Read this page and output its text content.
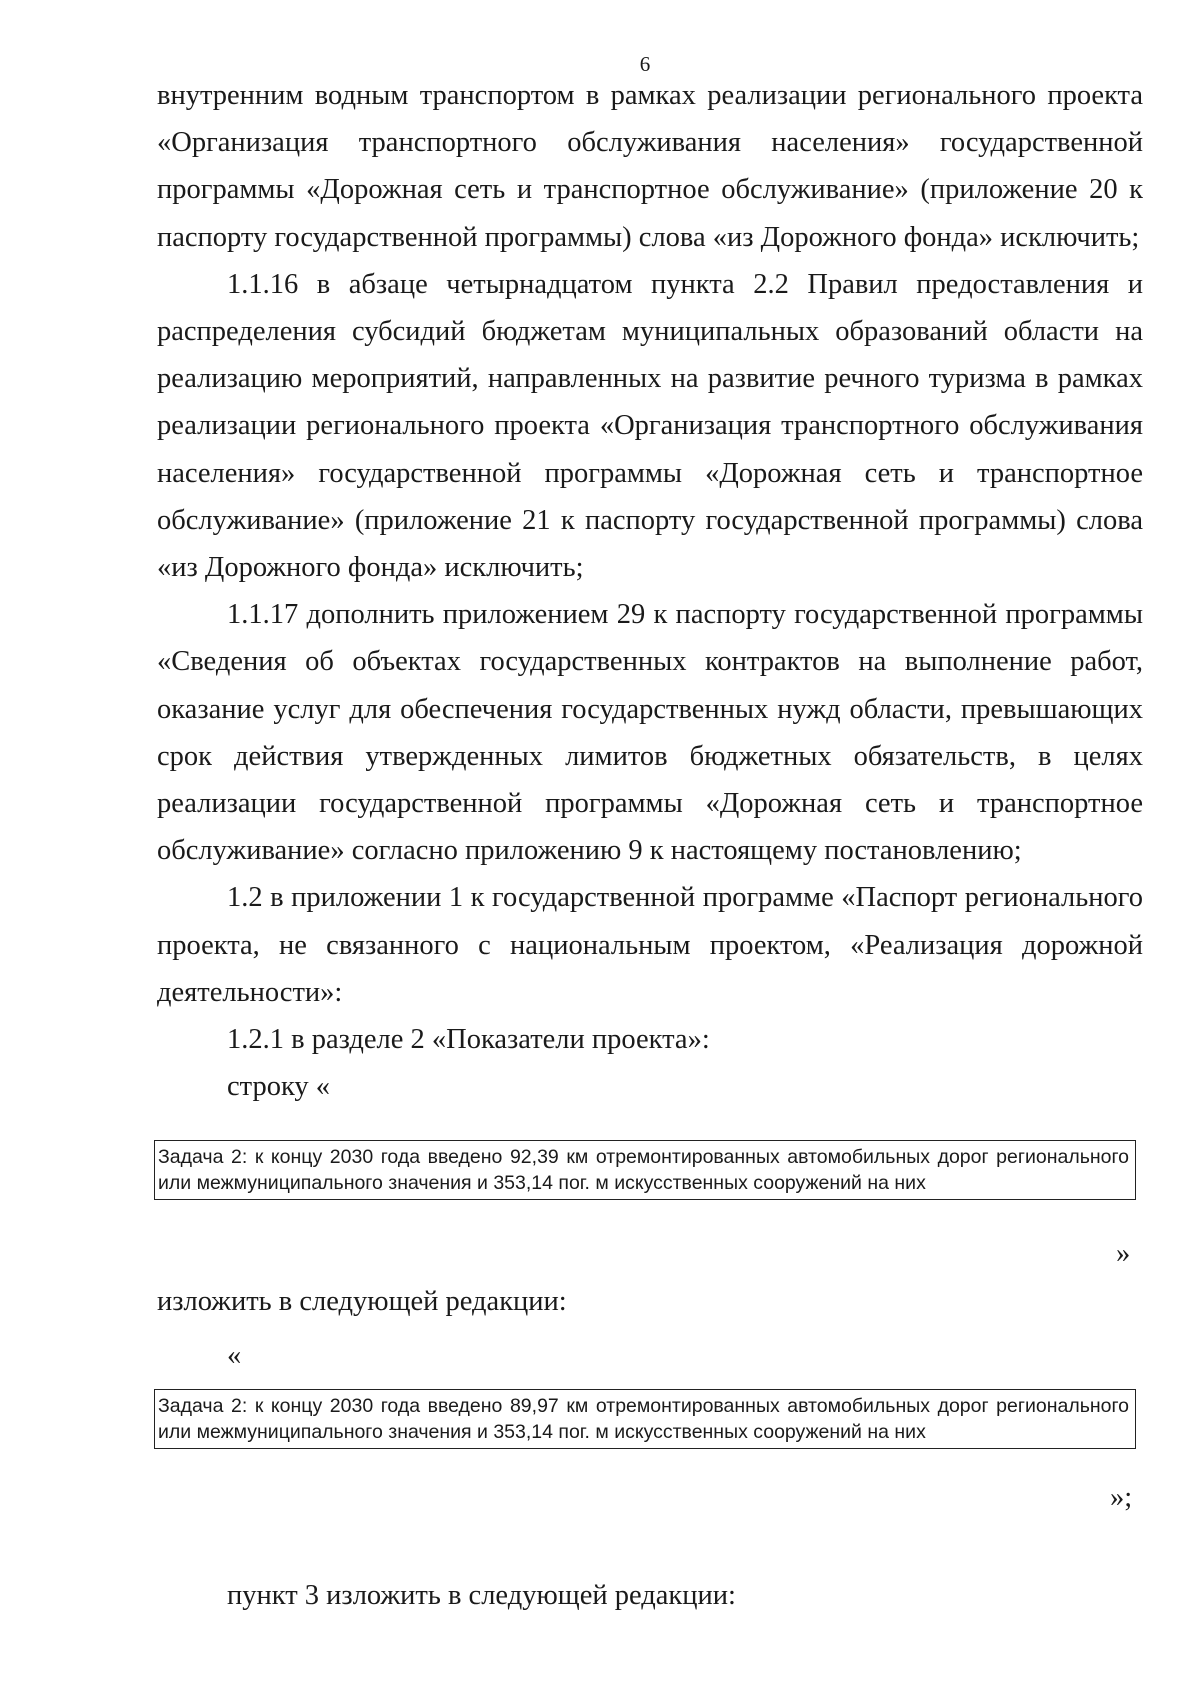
6

внутренним водным транспортом в рамках реализации регионального проекта «Организация транспортного обслуживания населения» государственной программы «Дорожная сеть и транспортное обслуживание» (приложение 20 к паспорту государственной программы) слова «из Дорожного фонда» исключить;

1.1.16 в абзаце четырнадцатом пункта 2.2 Правил предоставления и распределения субсидий бюджетам муниципальных образований области на реализацию мероприятий, направленных на развитие речного туризма в рамках реализации регионального проекта «Организация транспортного обслуживания населения» государственной программы «Дорожная сеть и транспортное обслуживание» (приложение 21 к паспорту государственной программы) слова «из Дорожного фонда» исключить;

1.1.17 дополнить приложением 29 к паспорту государственной программы «Сведения об объектах государственных контрактов на выполнение работ, оказание услуг для обеспечения государственных нужд области, превышающих срок действия утвержденных лимитов бюджетных обязательств, в целях реализации государственной программы «Дорожная сеть и транспортное обслуживание» согласно приложению 9 к настоящему постановлению;

1.2 в приложении 1 к государственной программе «Паспорт регионального проекта, не связанного с национальным проектом, «Реализация дорожной деятельности»:

1.2.1 в разделе 2 «Показатели проекта»:

строку «

Задача 2: к концу 2030 года введено 92,39 км отремонтированных автомобильных дорог регионального или межмуниципального значения и 353,14 пог. м искусственных сооружений на них
»
изложить в следующей редакции:
«
Задача 2: к концу 2030 года введено 89,97 км отремонтированных автомобильных дорог регионального или межмуниципального значения и 353,14 пог. м искусственных сооружений на них
»;
пункт 3 изложить в следующей редакции:
